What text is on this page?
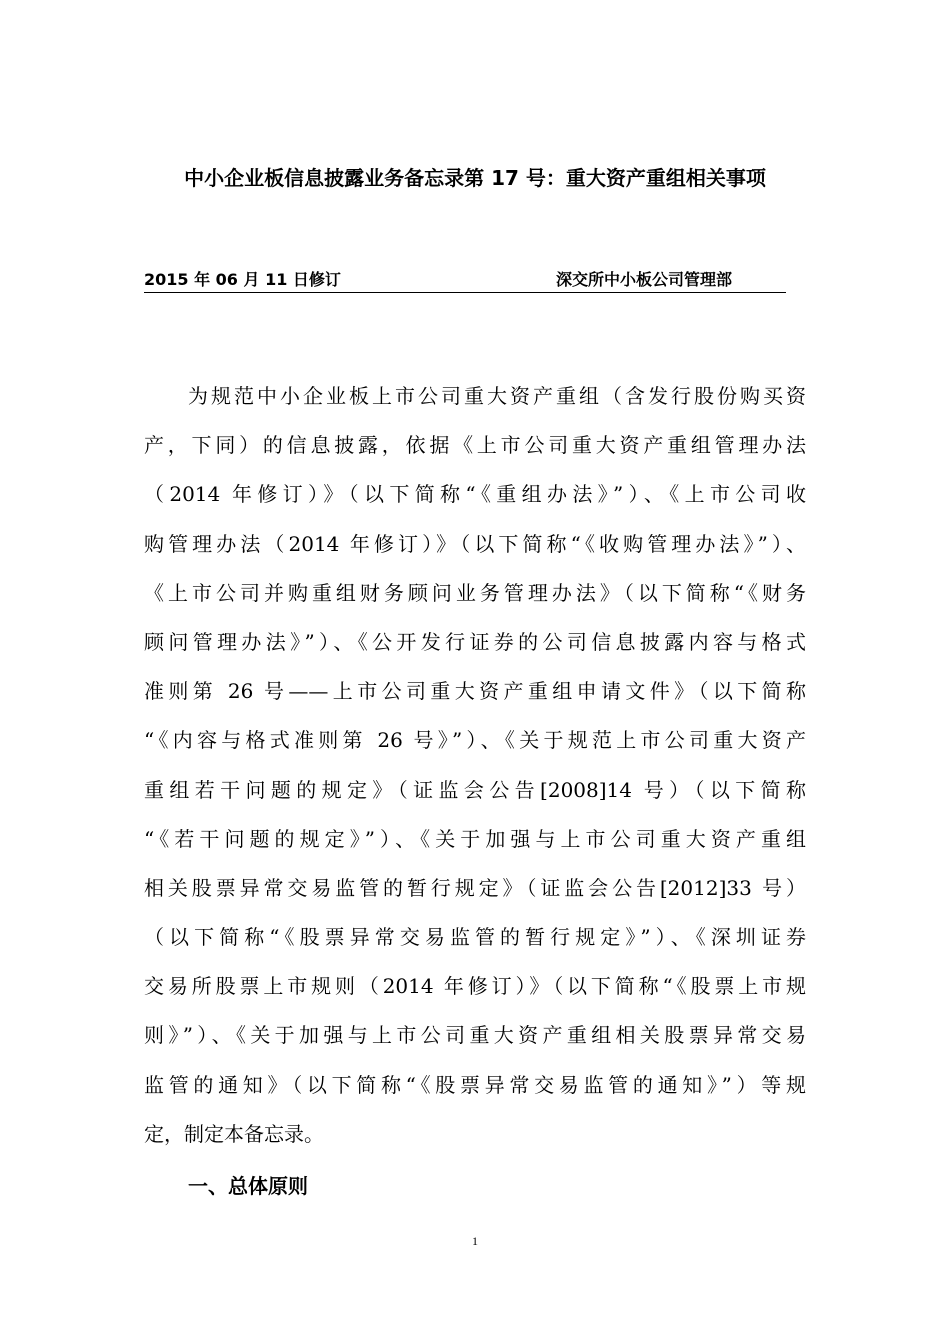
中小企业板信息披露业务备忘录第 17 号：重大资产重组相关事项
2015 年 06 月 11 日修订	深交所中小板公司管理部
为规范中小企业板上市公司重大资产重组（含发行股份购买资
产，下同）的信息披露，依据《上市公司重大资产重组管理办法
（2014 年修订）》（以下简称“《重组办法》”）、《上市公司收
购管理办法（2014 年修订）》（以下简称“《收购管理办法》”）、
《上市公司并购重组财务顾问业务管理办法》（以下简称“《财务
顾问管理办法》”）、《公开发行证券的公司信息披露内容与格式
准则第 26 号——上市公司重大资产重组申请文件》（以下简称
“《内容与格式准则第 26 号》”）、《关于规范上市公司重大资产
重组若干问题的规定》（证监会公告[2008]14 号）（以下简称
“《若干问题的规定》”）、《关于加强与上市公司重大资产重组
相关股票异常交易监管的暂行规定》（证监会公告[2012]33 号）
（以下简称“《股票异常交易监管的暂行规定》”）、《深圳证券
交易所股票上市规则（2014 年修订）》（以下简称“《股票上市规
则》”）、《关于加强与上市公司重大资产重组相关股票异常交易
监管的通知》（以下简称“《股票异常交易监管的通知》”）等规
定，制定本备忘录。
一、总体原则
1
